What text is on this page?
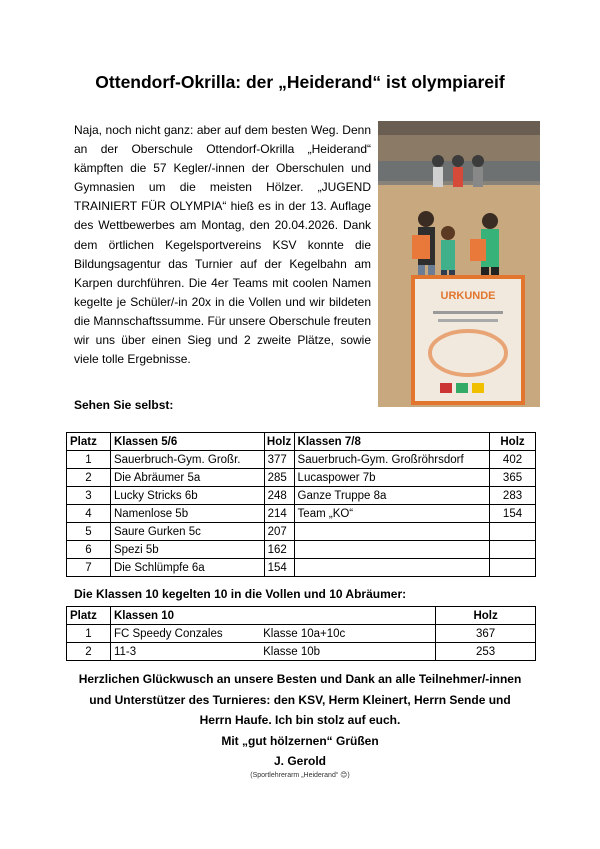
Ottendorf-Okrilla: der „Heiderand“ ist olympiareif
Naja, noch nicht ganz: aber auf dem besten Weg. Denn an der Oberschule Ottendorf-Okrilla „Heiderand“ kämpften die 57 Kegler/-innen der Oberschulen und Gymnasien um die meisten Hölzer. „JUGEND TRAINIERT FÜR OLYMPIA“ hieß es in der 13. Auflage des Wettbewerbes am Montag, den 20.04.2026. Dank dem örtlichen Kegelsportvereins KSV konnte die Bildungsagentur das Turnier auf der Kegelbahn am Karpen durchführen. Die 4er Teams mit coolen Namen kegelte je Schüler/-in 20x in die Vollen und wir bildeten die Mannschaftssumme. Für unsere Oberschule freuten wir uns über einen Sieg und 2 zweite Plätze, sowie viele tolle Ergebnisse.
URKUNDE
Sehen Sie selbst:
Platz	Klassen 5/6	Holz	Klassen 7/8	Holz
1	Sauerbruch-Gym. Großr.	377	Sauerbruch-Gym. Großröhrsdorf	402
2	Die Abräumer 5a	285	Lucaspower 7b	365
3	Lucky Stricks 6b	248	Ganze Truppe 8a	283
4	Namenlose 5b	214	Team „KO“	154
5	Saure Gurken 5c	207		
6	Spezi 5b	162		
7	Die Schlümpfe 6a	154		
Die Klassen 10 kegelten 10 in die Vollen und 10 Abräumer:
Platz	Klassen 10		Holz
1	FC Speedy Conzales	Klasse 10a+10c	367
2	11-3	Klasse 10b	253
Herzlichen Glückwusch an unsere Besten und Dank an alle Teilnehmer/-innen
und Unterstützer des Turnieres: den KSV, Herm Kleinert, Herrn Sende und
Herrn Haufe. Ich bin stolz auf euch.
Mit „gut hölzernen“ Grüßen
J. Gerold
(Sportlehrerarm „Heiderand“ 😊)
